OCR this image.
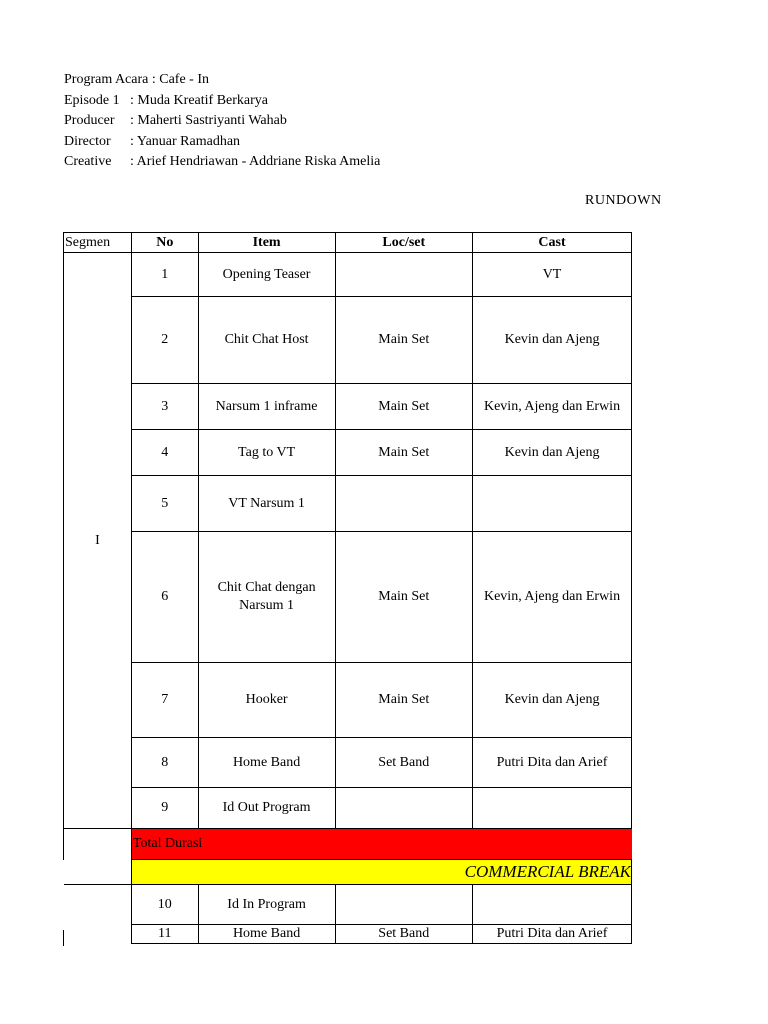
Program Acara : Cafe - In
Episode 1 : Muda Kreatif Berkarya
Producer	: Maherti Sastriyanti Wahab
Director	: Yanuar Ramadhan
Creative	: Arief Hendriawan - Addriane Riska Amelia
RUNDOWN
Segmen	No	Item	Loc/set	Cast
I	1	Opening Teaser		VT
	2	Chit Chat Host	Main Set	Kevin dan Ajeng
	3	Narsum 1 inframe	Main Set	Kevin, Ajeng dan Erwin
	4	Tag to VT	Main Set	Kevin dan Ajeng
	5	VT Narsum 1		
	6	Chit Chat dengan Narsum 1	Main Set	Kevin, Ajeng dan Erwin
	7	Hooker	Main Set	Kevin dan Ajeng
	8	Home Band	Set Band	Putri Dita dan Arief
	9	Id Out Program		
	Total Durasi			
	COMMERCIAL BREAK			
	10	Id In Program		
	11	Home Band	Set Band	Putri Dita dan Arief
